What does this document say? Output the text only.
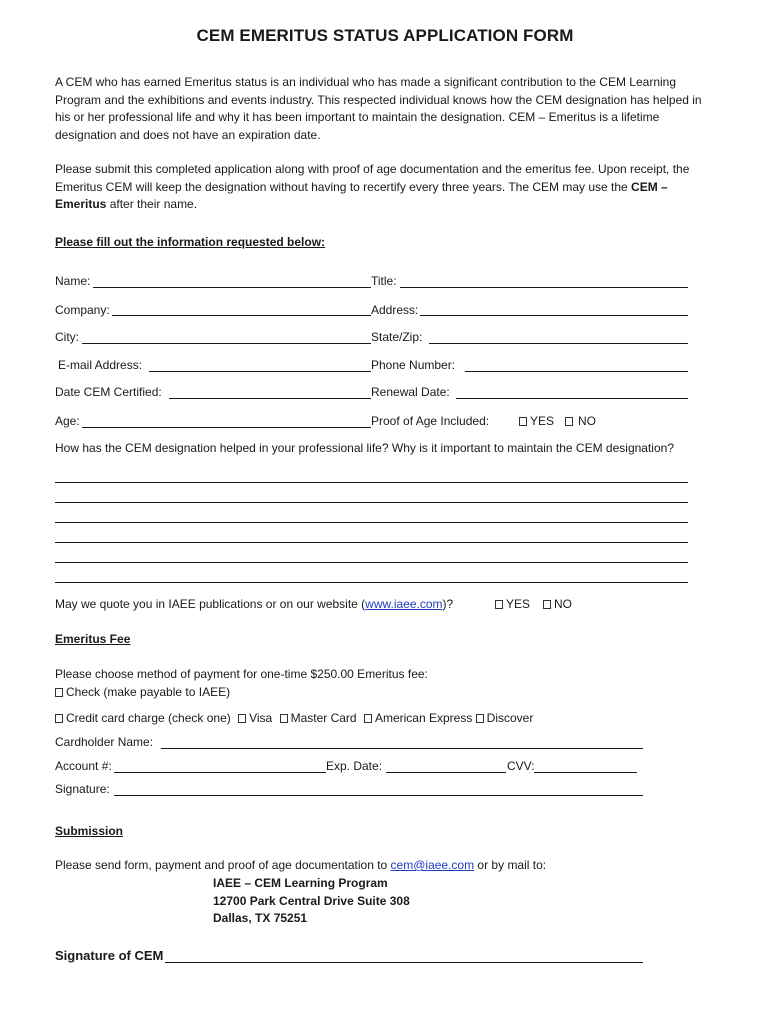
CEM EMERITUS STATUS APPLICATION FORM
A CEM who has earned Emeritus status is an individual who has made a significant contribution to the CEM Learning Program and the exhibitions and events industry. This respected individual knows how the CEM designation has helped in his or her professional life and why it has been important to maintain the designation. CEM – Emeritus is a lifetime designation and does not have an expiration date.
Please submit this completed application along with proof of age documentation and the emeritus fee. Upon receipt, the Emeritus CEM will keep the designation without having to recertify every three years. The CEM may use the CEM – Emeritus after their name.
Please fill out the information requested below:
Name:	Title:
Company:	Address:
City:	State/Zip:
E-mail Address:	Phone Number:
Date CEM Certified:	Renewal Date:
Age:	Proof of Age Included:	YES	NO
How has the CEM designation helped in your professional life? Why is it important to maintain the CEM designation?
May we quote you in IAEE publications or on our website (www.iaee.com)?	YES	NO
Emeritus Fee
Please choose method of payment for one-time $250.00 Emeritus fee:
Check (make payable to IAEE)
Credit card charge (check one) Visa Master Card American Express Discover
Cardholder Name:
Account #:	Exp. Date:	CVV:
Signature:
Submission
Please send form, payment and proof of age documentation to cem@iaee.com or by mail to:
IAEE – CEM Learning Program
12700 Park Central Drive Suite 308
Dallas, TX 75251
Signature of CEM
